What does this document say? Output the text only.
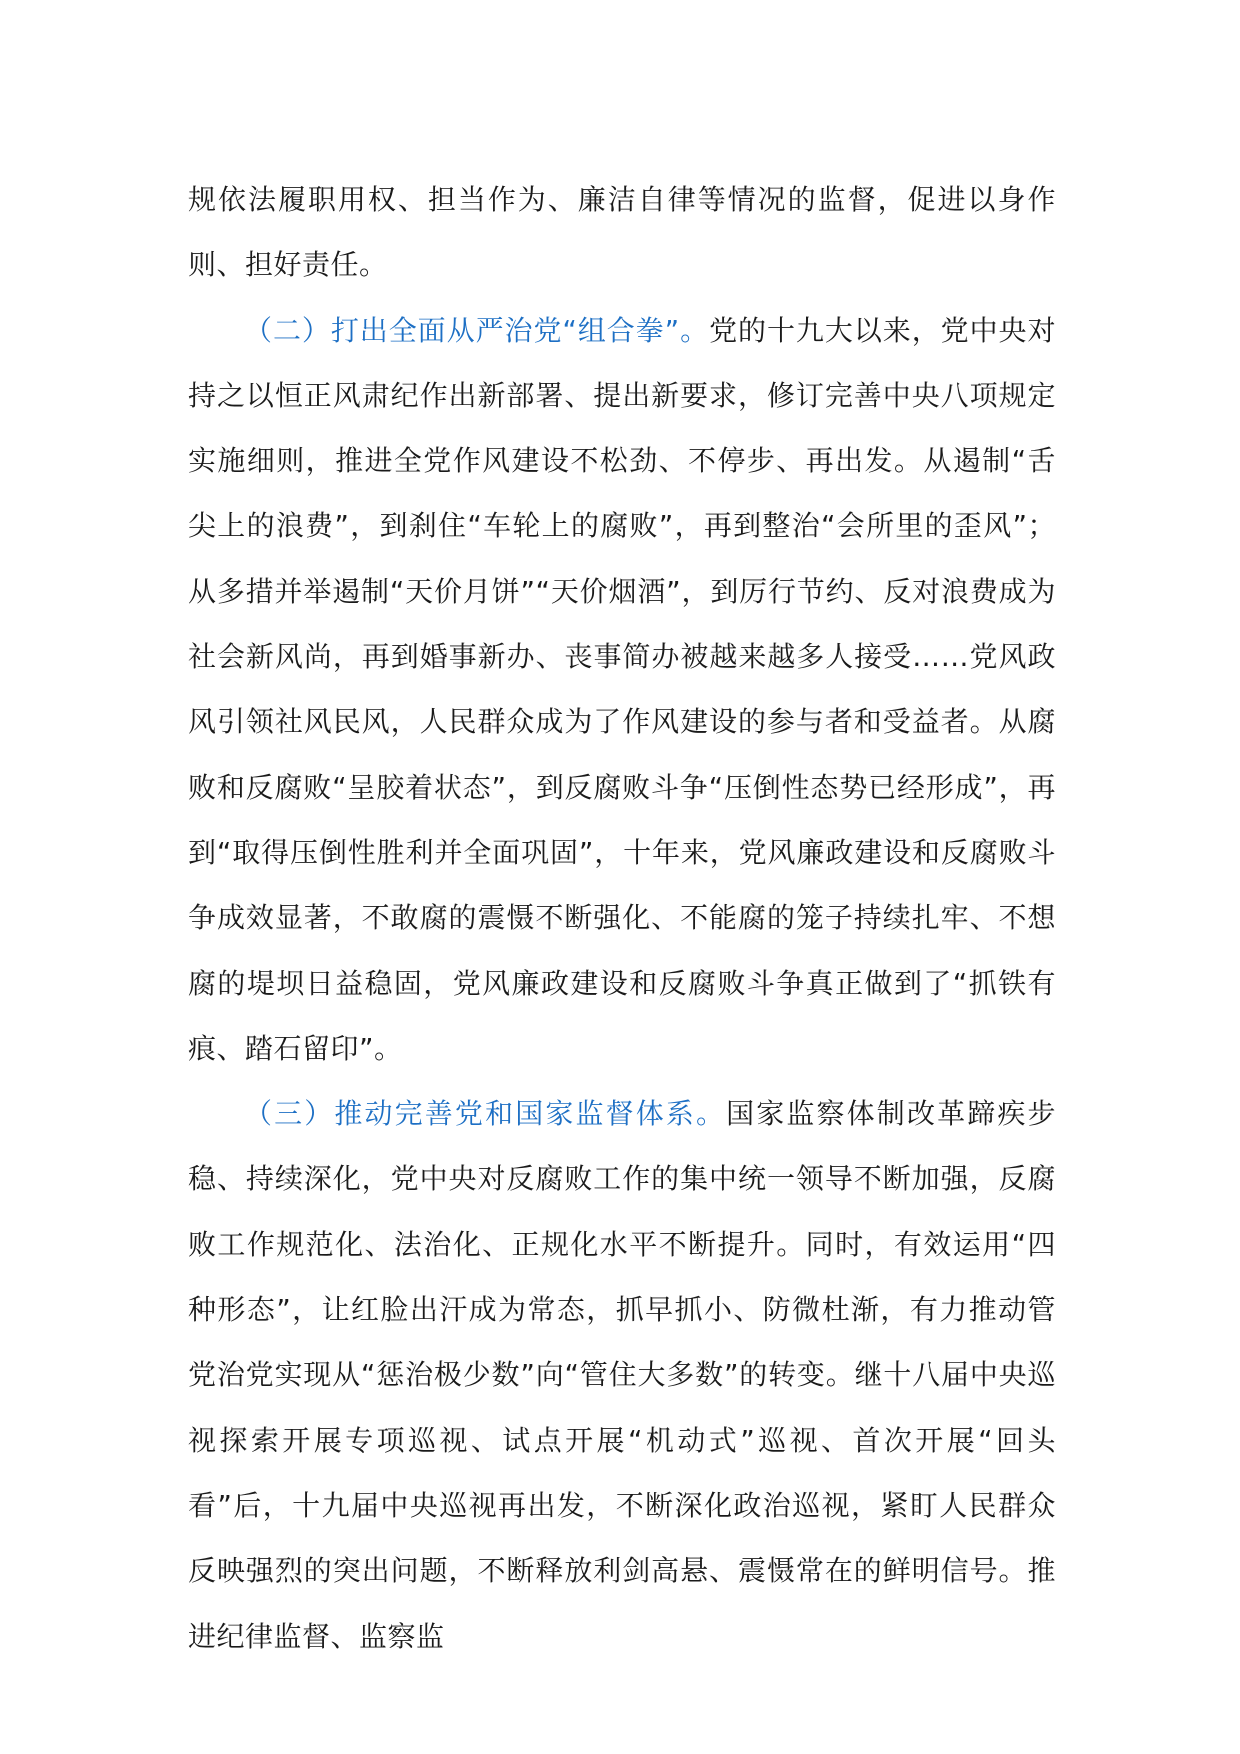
规依法履职用权、担当作为、廉洁自律等情况的监督，促进以身作则、担好责任。

（二）打出全面从严治党“组合拳”。党的十九大以来，党中央对持之以恒正风肃纪作出新部署、提出新要求，修订完善中央八项规定实施细则，推进全党作风建设不松劲、不停步、再出发。从遏制“舌尖上的浪费”，到刹住“车轮上的腐败”，再到整治“会所里的歪风”；从多措并举遏制“天价月饼”“天价烟酒”，到厉行节约、反对浪费成为社会新风尚，再到婚事新办、丧事简办被越来越多人接受……党风政风引领社风民风，人民群众成为了作风建设的参与者和受益者。从腐败和反腐败“呈胶着状态”，到反腐败斗争“压倒性态势已经形成”，再到“取得压倒性胜利并全面巩固”，十年来，党风廉政建设和反腐败斗争成效显著，不敢腐的震慑不断强化、不能腐的笼子持续扎牢、不想腐的堤坝日益稳固，党风廉政建设和反腐败斗争真正做到了“抓铁有痕、踏石留印”。

（三）推动完善党和国家监督体系。国家监察体制改革蹄疾步稳、持续深化，党中央对反腐败工作的集中统一领导不断加强，反腐败工作规范化、法治化、正规化水平不断提升。同时，有效运用“四种形态”，让红脸出汗成为常态，抓早抓小、防微杜渐，有力推动管党治党实现从“惩治极少数”向“管住大多数”的转变。继十八届中央巡视探索开展专项巡视、试点开展“机动式”巡视、首次开展“回头看”后，十九届中央巡视再出发，不断深化政治巡视，紧盯人民群众反映强烈的突出问题，不断释放利剑高悬、震慑常在的鲜明信号。推进纪律监督、监察监
